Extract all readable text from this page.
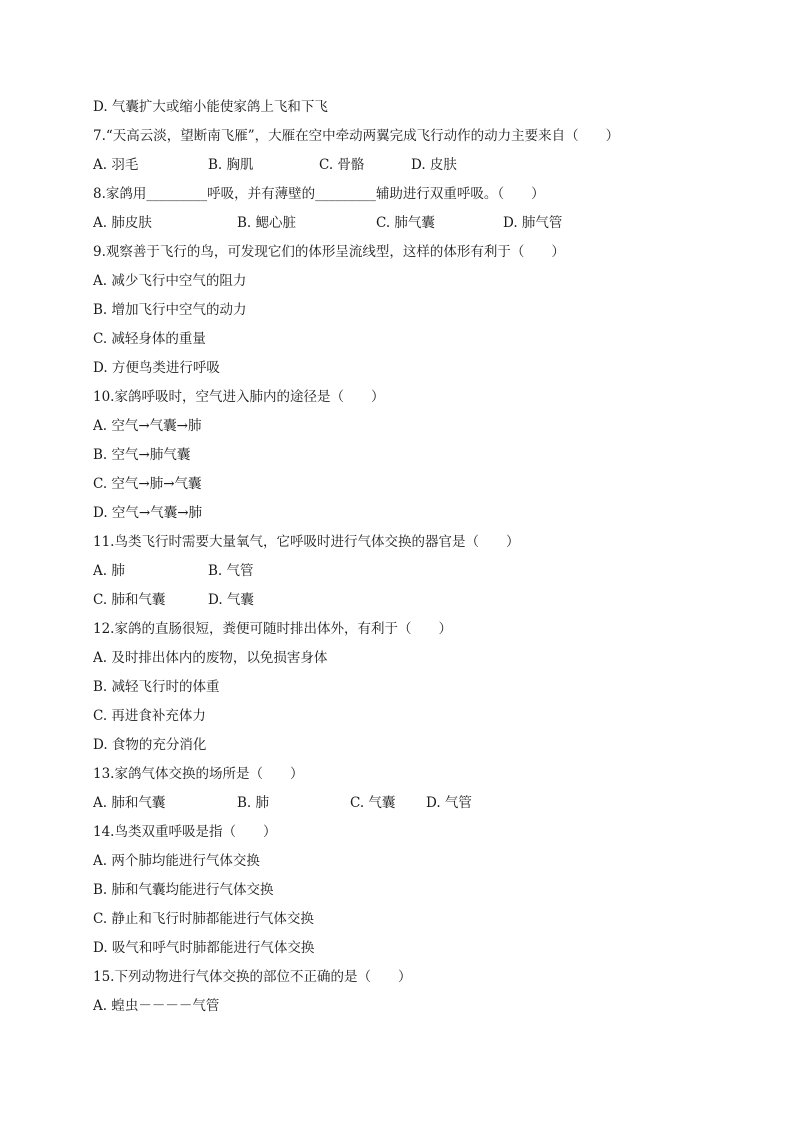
D. 气囊扩大或缩小能使家鸽上飞和下飞
7.“天高云淡，望断南飞雁”，大雁在空中牵动两翼完成飞行动作的动力主要来自（　　）

A. 羽毛

	B. 胸肌

	C. 骨骼

	D. 皮肤

8.家鸽用_________呼吸，并有薄壁的_________辅助进行双重呼吸。（　　）

A. 肺皮肤

	B. 鳃心脏

	C. 肺气囊

	D. 肺气管

9.观察善于飞行的鸟，可发现它们的体形呈流线型，这样的体形有利于（　　）
A. 减少飞行中空气的阻力
B. 增加飞行中空气的动力
C. 减轻身体的重量
D. 方便鸟类进行呼吸
10.家鸽呼吸时，空气进入肺内的途径是（　　）
A. 空气→气囊→肺
B. 空气→肺气囊
C. 空气→肺→气囊
D. 空气→气囊→肺
11.鸟类飞行时需要大量氧气，它呼吸时进行气体交换的器官是（　　）

A. 肺

	B. 气管

C. 肺和气囊

	D. 气囊

12.家鸽的直肠很短，粪便可随时排出体外，有利于（　　）
A. 及时排出体内的废物，以免损害身体
B. 减轻飞行时的体重
C. 再进食补充体力
D. 食物的充分消化
13.家鸽气体交换的场所是（　　）

A. 肺和气囊

	B. 肺

	C. 气囊

D. 气管

14.鸟类双重呼吸是指（　　）
A. 两个肺均能进行气体交换
B. 肺和气囊均能进行气体交换
C. 静止和飞行时肺都能进行气体交换
D. 吸气和呼气时肺都能进行气体交换
15.下列动物进行气体交换的部位不正确的是（　　）
A. 蝗虫－－－－气管
